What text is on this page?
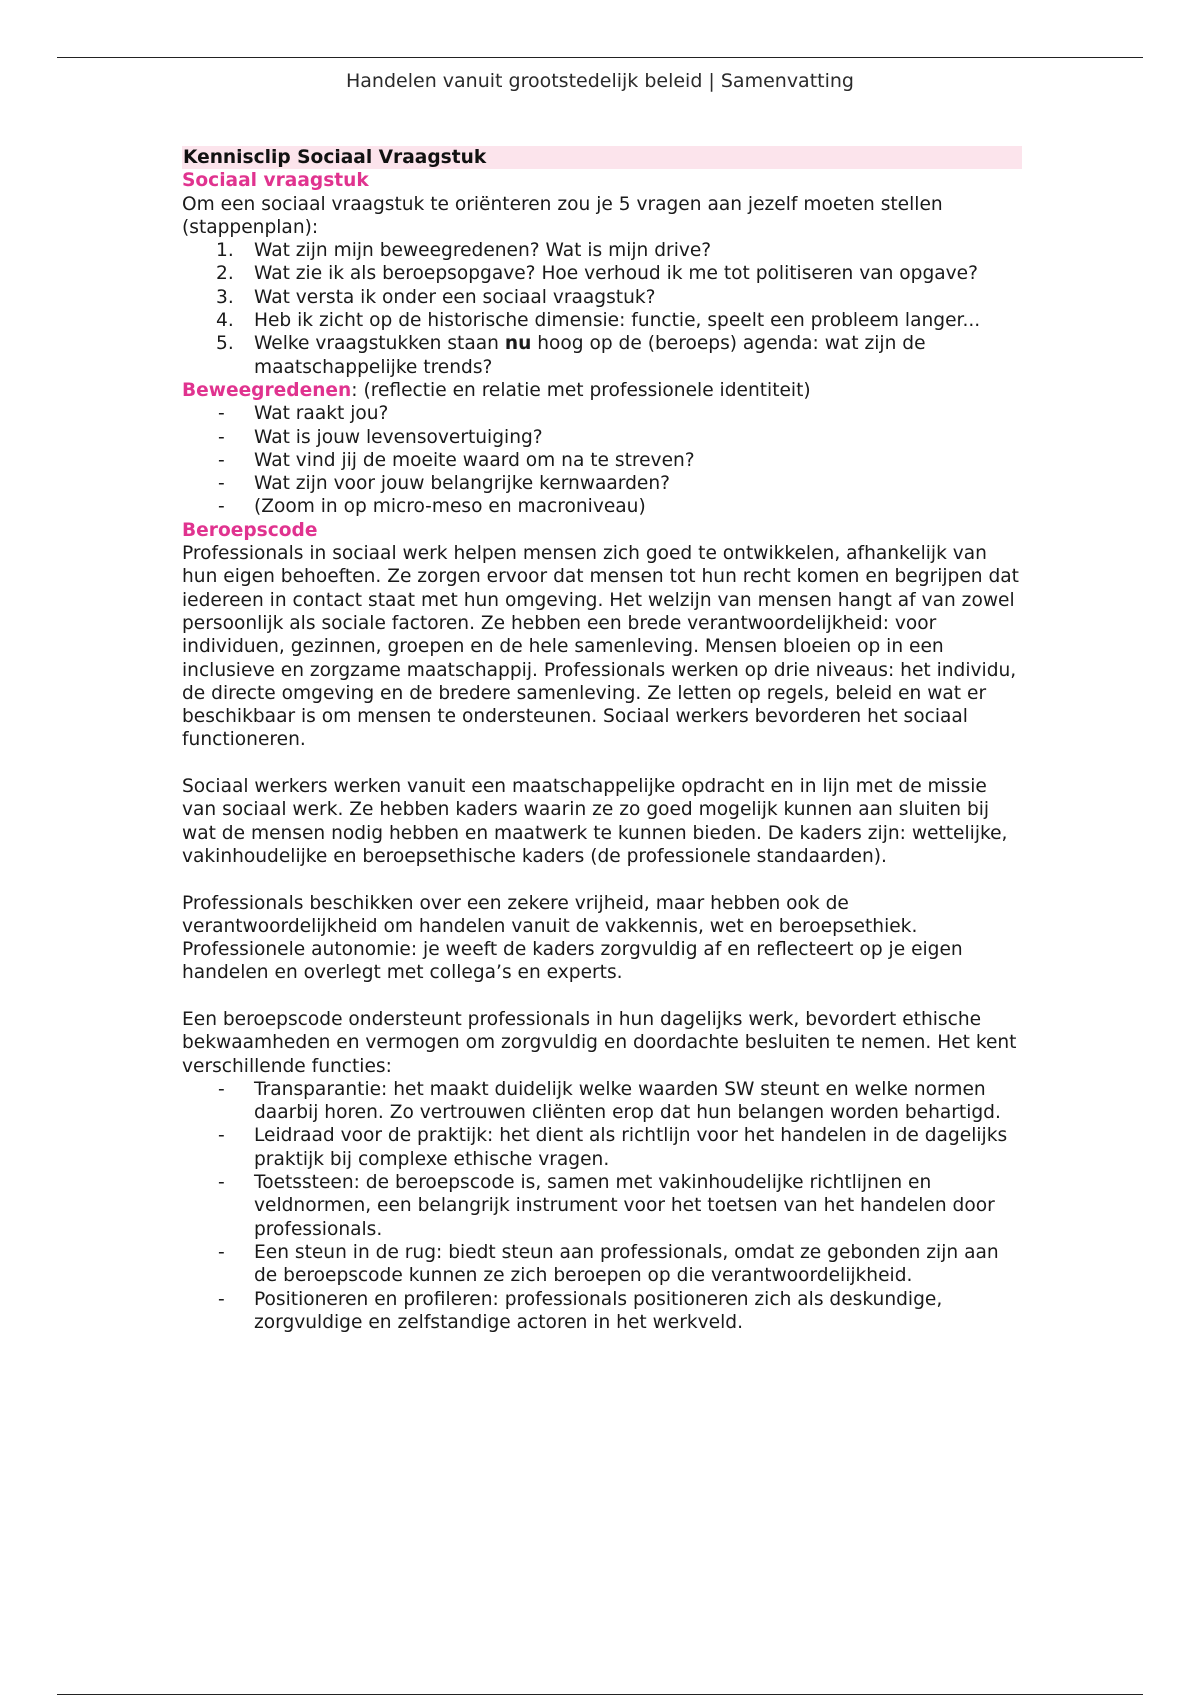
Handelen vanuit grootstedelijk beleid | Samenvatting

Kennisclip Sociaal Vraagstuk

Sociaal vraagstuk

Om een sociaal vraagstuk te oriënteren zou je 5 vragen aan jezelf moeten stellen (stappenplan):

1. Wat zijn mijn beweegredenen? Wat is mijn drive?
2. Wat zie ik als beroepsopgave? Hoe verhoud ik me tot politiseren van opgave?
3. Wat versta ik onder een sociaal vraagstuk?
4. Heb ik zicht op de historische dimensie: functie, speelt een probleem langer...
5. Welke vraagstukken staan nu hoog op de (beroeps) agenda: wat zijn de maatschappelijke trends?

Beweegredenen: (reflectie en relatie met professionele identiteit)

- Wat raakt jou?
- Wat is jouw levensovertuiging?
- Wat vind jij de moeite waard om na te streven?
- Wat zijn voor jouw belangrijke kernwaarden?
- (Zoom in op micro-meso en macroniveau)

Beroepscode

Professionals in sociaal werk helpen mensen zich goed te ontwikkelen, afhankelijk van hun eigen behoeften. Ze zorgen ervoor dat mensen tot hun recht komen en begrijpen dat iedereen in contact staat met hun omgeving. Het welzijn van mensen hangt af van zowel persoonlijk als sociale factoren. Ze hebben een brede verantwoordelijkheid: voor individuen, gezinnen, groepen en de hele samenleving. Mensen bloeien op in een inclusieve en zorgzame maatschappij. Professionals werken op drie niveaus: het individu, de directe omgeving en de bredere samenleving. Ze letten op regels, beleid en wat er beschikbaar is om mensen te ondersteunen. Sociaal werkers bevorderen het sociaal functioneren.

Sociaal werkers werken vanuit een maatschappelijke opdracht en in lijn met de missie van sociaal werk. Ze hebben kaders waarin ze zo goed mogelijk kunnen aan sluiten bij wat de mensen nodig hebben en maatwerk te kunnen bieden. De kaders zijn: wettelijke, vakinhoudelijke en beroepsethische kaders (de professionele standaarden).

Professionals beschikken over een zekere vrijheid, maar hebben ook de verantwoordelijkheid om handelen vanuit de vakkennis, wet en beroepsethiek. Professionele autonomie: je weeft de kaders zorgvuldig af en reflecteert op je eigen handelen en overlegt met collega’s en experts.

Een beroepscode ondersteunt professionals in hun dagelijks werk, bevordert ethische bekwaamheden en vermogen om zorgvuldig en doordachte besluiten te nemen. Het kent verschillende functies:

- Transparantie: het maakt duidelijk welke waarden SW steunt en welke normen daarbij horen. Zo vertrouwen cliënten erop dat hun belangen worden behartigd.
- Leidraad voor de praktijk: het dient als richtlijn voor het handelen in de dagelijks praktijk bij complexe ethische vragen.
- Toetssteen: de beroepscode is, samen met vakinhoudelijke richtlijnen en veldnormen, een belangrijk instrument voor het toetsen van het handelen door professionals.
- Een steun in de rug: biedt steun aan professionals, omdat ze gebonden zijn aan de beroepscode kunnen ze zich beroepen op die verantwoordelijkheid.
- Positioneren en profileren: professionals positioneren zich als deskundige, zorgvuldige en zelfstandige actoren in het werkveld.
